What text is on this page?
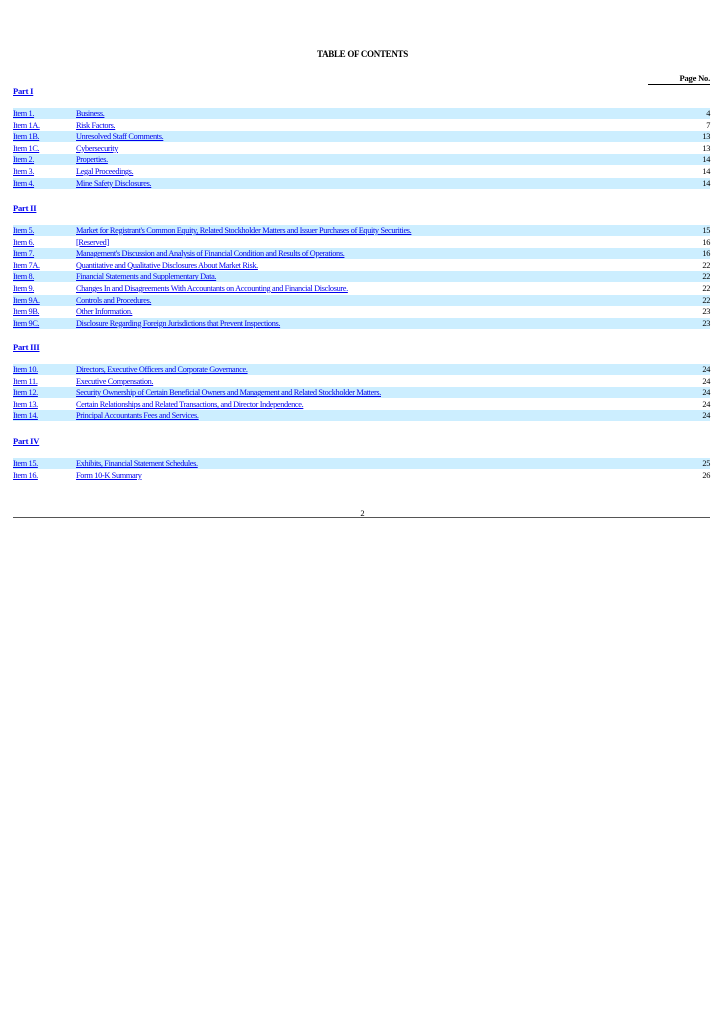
TABLE OF CONTENTS
Page No.
Part I
Item 1.	Business.	4
Item 1A.	Risk Factors.	7
Item 1B.	Unresolved Staff Comments.	13
Item 1C.	Cybersecurity	13
Item 2.	Properties.	14
Item 3.	Legal Proceedings.	14
Item 4.	Mine Safety Disclosures.	14
Part II
Item 5.	Market for Registrant's Common Equity, Related Stockholder Matters and Issuer Purchases of Equity Securities.	15
Item 6.	[Reserved]	16
Item 7.	Management's Discussion and Analysis of Financial Condition and Results of Operations.	16
Item 7A.	Quantitative and Qualitative Disclosures About Market Risk.	22
Item 8.	Financial Statements and Supplementary Data.	22
Item 9.	Changes In and Disagreements With Accountants on Accounting and Financial Disclosure.	22
Item 9A.	Controls and Procedures.	22
Item 9B.	Other Information.	23
Item 9C.	Disclosure Regarding Foreign Jurisdictions that Prevent Inspections.	23
Part III
Item 10.	Directors, Executive Officers and Corporate Governance.	24
Item 11.	Executive Compensation.	24
Item 12.	Security Ownership of Certain Beneficial Owners and Management and Related Stockholder Matters.	24
Item 13.	Certain Relationships and Related Transactions, and Director Independence.	24
Item 14.	Principal Accountants Fees and Services.	24
Part IV
Item 15.	Exhibits, Financial Statement Schedules.	25
Item 16.	Form 10-K Summary	26
2
